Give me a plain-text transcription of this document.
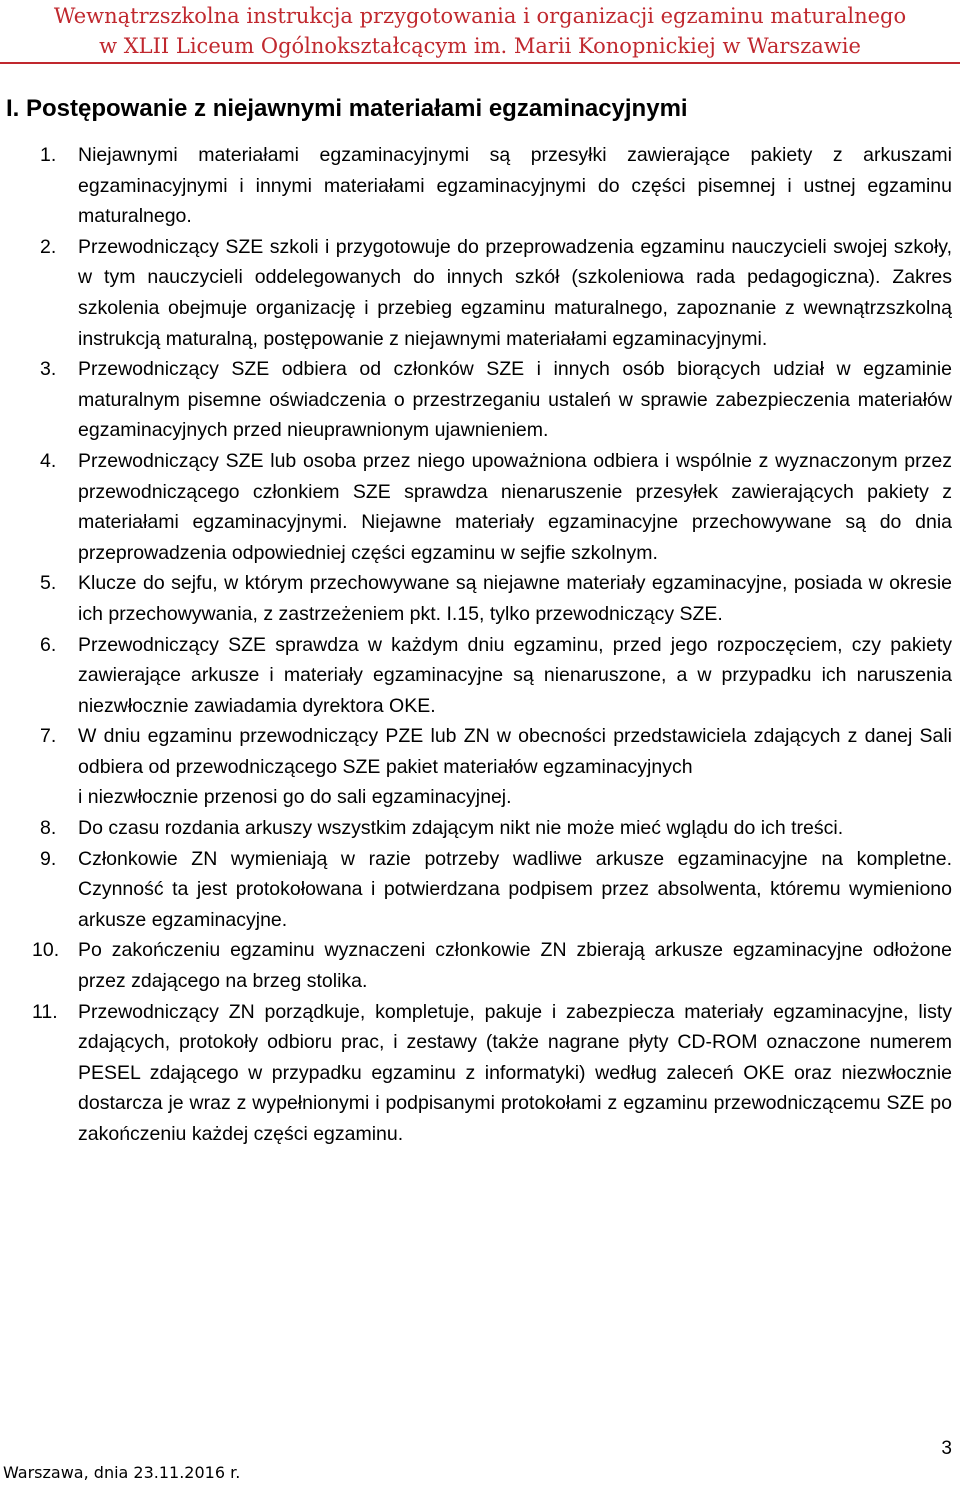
Wewnątrzszkolna instrukcja przygotowania i organizacji egzaminu maturalnego
w XLII Liceum Ogólnokształcącym im. Marii Konopnickiej w Warszawie
I. Postępowanie z niejawnymi materiałami egzaminacyjnymi
1. Niejawnymi materiałami egzaminacyjnymi są przesyłki zawierające pakiety z arkuszami egzaminacyjnymi i innymi materiałami egzaminacyjnymi do części pisemnej i ustnej egzaminu maturalnego.
2. Przewodniczący SZE szkoli i przygotowuje do przeprowadzenia egzaminu nauczycieli swojej szkoły, w tym nauczycieli oddelegowanych do innych szkół (szkoleniowa rada pedagogiczna). Zakres szkolenia obejmuje organizację i przebieg egzaminu maturalnego, zapoznanie z wewnątrzszkolną instrukcją maturalną, postępowanie z niejawnymi materiałami egzaminacyjnymi.
3. Przewodniczący SZE odbiera od członków SZE i innych osób biorących udział w egzaminie maturalnym pisemne oświadczenia o przestrzeganiu ustaleń w sprawie zabezpieczenia materiałów egzaminacyjnych przed nieuprawnionym ujawnieniem.
4. Przewodniczący SZE lub osoba przez niego upoważniona odbiera i wspólnie z wyznaczonym przez przewodniczącego członkiem SZE sprawdza nienaruszenie przesyłek zawierających pakiety z materiałami egzaminacyjnymi. Niejawne materiały egzaminacyjne przechowywane są do dnia przeprowadzenia odpowiedniej części egzaminu w sejfie szkolnym.
5. Klucze do sejfu, w którym przechowywane są niejawne materiały egzaminacyjne, posiada w okresie ich przechowywania, z zastrzeżeniem pkt. I.15, tylko przewodniczący SZE.
6. Przewodniczący SZE sprawdza w każdym dniu egzaminu, przed jego rozpoczęciem, czy pakiety zawierające arkusze i materiały egzaminacyjne są nienaruszone, a w przypadku ich naruszenia niezwłocznie zawiadamia dyrektora OKE.
7. W dniu egzaminu przewodniczący PZE lub ZN w obecności przedstawiciela zdających z danej Sali odbiera od przewodniczącego SZE pakiet materiałów egzaminacyjnych
i niezwłocznie przenosi go do sali egzaminacyjnej.
8. Do czasu rozdania arkuszy wszystkim zdającym nikt nie może mieć wglądu do ich treści.
9. Członkowie ZN wymieniają w razie potrzeby wadliwe arkusze egzaminacyjne na kompletne. Czynność ta jest protokołowana i potwierdzana podpisem przez absolwenta, któremu wymieniono arkusze egzaminacyjne.
10. Po zakończeniu egzaminu wyznaczeni członkowie ZN zbierają arkusze egzaminacyjne odłożone przez zdającego na brzeg stolika.
11. Przewodniczący ZN porządkuje, kompletuje, pakuje i zabezpiecza materiały egzaminacyjne, listy zdających, protokoły odbioru prac, i zestawy (także nagrane płyty CD-ROM oznaczone numerem PESEL zdającego w przypadku egzaminu z informatyki) według zaleceń OKE oraz niezwłocznie dostarcza je wraz z wypełnionymi i podpisanymi protokołami z egzaminu przewodniczącemu SZE po zakończeniu każdej części egzaminu.
3
Warszawa, dnia 23.11.2016 r.
